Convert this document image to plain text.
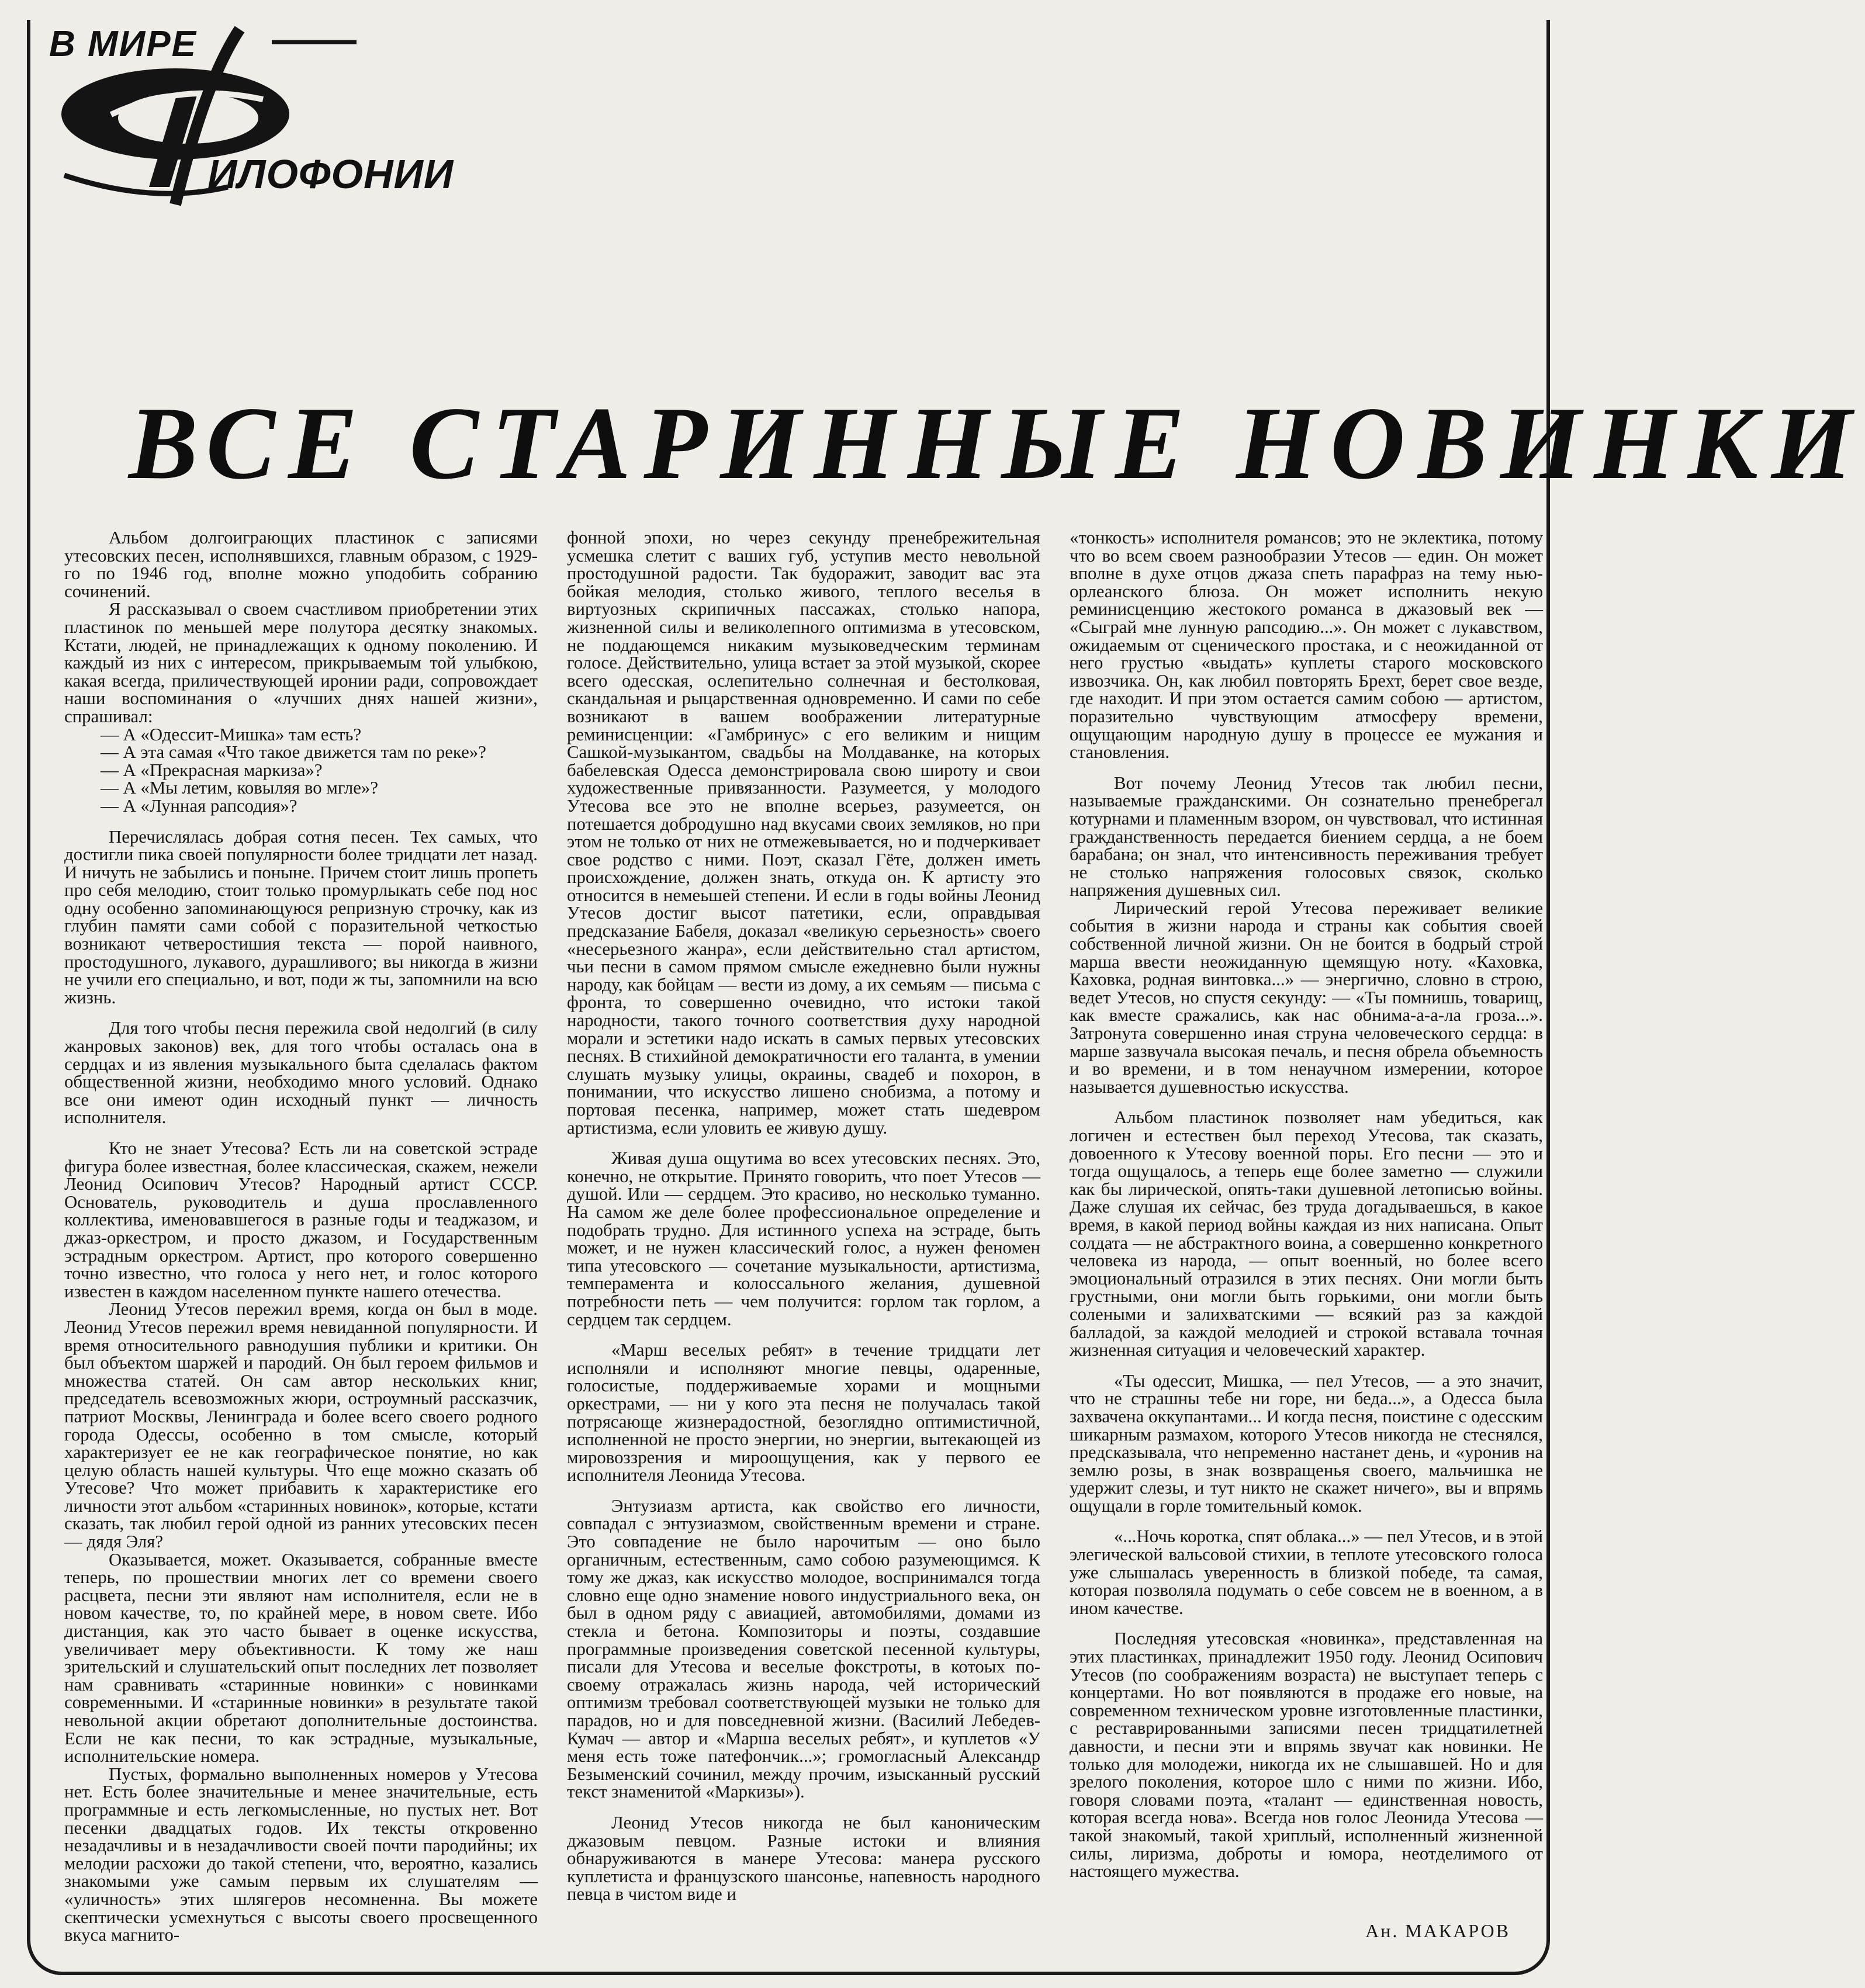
В МИРЕ
ИЛОФОНИИ
ВСЕ СТАРИННЫЕ НОВИНКИ

Альбом долгоиграющих пластинок с записями утесовских песен, исполнявшихся, главным образом, с 1929-го по 1946 год, вполне можно уподобить собранию сочинений.

Я рассказывал о своем счастливом приобретении этих пластинок по меньшей мере полутора десятку знакомых. Кстати, людей, не принадлежащих к одному поколению. И каждый из них с интересом, прикрываемым той улыбкою, какая всегда, приличествующей иронии ради, сопровождает наши воспоминания о «лучших днях нашей жизни», спрашивал:

— А «Одессит-Мишка» там есть?

— А эта самая «Что такое движется там по реке»?

— А «Прекрасная маркиза»?

— А «Мы летим, ковыляя во мгле»?

— А «Лунная рапсодия»?

Перечислялась добрая сотня песен. Тех самых, что достигли пика своей популярности более тридцати лет назад. И ничуть не забылись и поныне. Причем стоит лишь пропеть про себя мелодию, стоит только промурлыкать себе под нос одну особенно запоминающуюся репризную строчку, как из глубин памяти сами собой с поразительной четкостью возникают четверостишия текста — порой наивного, простодушного, лукавого, дурашливого; вы никогда в жизни не учили его специально, и вот, поди ж ты, запомнили на всю жизнь.

Для того чтобы песня пережила свой недолгий (в силу жанровых законов) век, для того чтобы осталась она в сердцах и из явления музыкального быта сделалась фактом общественной жизни, необходимо много условий. Однако все они имеют один исходный пункт — личность исполнителя.

Кто не знает Утесова? Есть ли на советской эстраде фигура более известная, более классическая, скажем, нежели Леонид Осипович Утесов? Народный артист СССР. Основатель, руководитель и душа прославленного коллектива, именовавшегося в разные годы и теаджазом, и джаз-оркестром, и просто джазом, и Государственным эстрадным оркестром. Артист, про которого совершенно точно известно, что голоса у него нет, и голос которого известен в каждом населенном пункте нашего отечества.

Леонид Утесов пережил время, когда он был в моде. Леонид Утесов пережил время невиданной популярности. И время относительного равнодушия публики и критики. Он был объектом шаржей и пародий. Он был героем фильмов и множества статей. Он сам автор нескольких книг, председатель всевозможных жюри, остроумный рассказчик, патриот Москвы, Ленинграда и более всего своего родного города Одессы, особенно в том смысле, который характеризует ее не как географическое понятие, но как целую область нашей культуры. Что еще можно сказать об Утесове? Что может прибавить к характеристике его личности этот альбом «старинных новинок», которые, кстати сказать, так любил герой одной из ранних утесовских песен — дядя Эля?

Оказывается, может. Оказывается, собранные вместе теперь, по прошествии многих лет со времени своего расцвета, песни эти являют нам исполнителя, если не в новом качестве, то, по крайней мере, в новом свете. Ибо дистанция, как это часто бывает в оценке искусства, увеличивает меру объективности. К тому же наш зрительский и слушательский опыт последних лет позволяет нам сравнивать «старинные новинки» с новинками современными. И «старинные новинки» в результате такой невольной акции обретают дополнительные достоинства. Если не как песни, то как эстрадные, музыкальные, исполнительские номера.

Пустых, формально выполненных номеров у Утесова нет. Есть более значительные и менее значительные, есть программные и есть легкомысленные, но пустых нет. Вот песенки двадцатых годов. Их тексты откровенно незадачливы и в незадачливости своей почти пародийны; их мелодии расхожи до такой степени, что, вероятно, казались знакомыми уже самым первым их слушателям — «уличность» этих шлягеров несомненна. Вы можете скептически усмехнуться с высоты своего просвещенного вкуса магнито-

фонной эпохи, но через секунду пренебрежительная усмешка слетит с ваших губ, уступив место невольной простодушной радости. Так будоражит, заводит вас эта бойкая мелодия, столько живого, теплого веселья в виртуозных скрипичных пассажах, столько напора, жизненной силы и великолепного оптимизма в утесовском, не поддающемся никаким музыковедческим терминам голосе. Действительно, улица встает за этой музыкой, скорее всего одесская, ослепительно солнечная и бестолковая, скандальная и рыцарственная одновременно. И сами по себе возникают в вашем воображении литературные реминисценции: «Гамбринус» с его великим и нищим Сашкой-музыкантом, свадьбы на Молдаванке, на которых бабелевская Одесса демонстрировала свою широту и свои художественные привязанности. Разумеется, у молодого Утесова все это не вполне всерьез, разумеется, он потешается добродушно над вкусами своих земляков, но при этом не только от них не отмежевывается, но и подчеркивает свое родство с ними. Поэт, сказал Гёте, должен иметь происхождение, должен знать, откуда он. К артисту это относится в немеьшей степени. И если в годы войны Леонид Утесов достиг высот патетики, если, оправдывая предсказание Бабеля, доказал «великую серьезность» своего «несерьезного жанра», если действительно стал артистом, чьи песни в самом прямом смысле ежедневно были нужны народу, как бойцам — вести из дому, а их семьям — письма с фронта, то совершенно очевидно, что истоки такой народности, такого точного соответствия духу народной морали и эстетики надо искать в самых первых утесовских песнях. В стихийной демократичности его таланта, в умении слушать музыку улицы, окраины, свадеб и похорон, в понимании, что искусство лишено снобизма, а потому и портовая песенка, например, может стать шедевром артистизма, если уловить ее живую душу.

Живая душа ощутима во всех утесовских песнях. Это, конечно, не открытие. Принято говорить, что поет Утесов — душой. Или — сердцем. Это красиво, но несколько туманно. На самом же деле более профессиональное определение и подобрать трудно. Для истинного успеха на эстраде, быть может, и не нужен классический голос, а нужен феномен типа утесовского — сочетание музыкальности, артистизма, темперамента и колоссального желания, душевной потребности петь — чем получится: горлом так горлом, а сердцем так сердцем.

«Марш веселых ребят» в течение тридцати лет исполняли и исполняют многие певцы, одаренные, голосистые, поддерживаемые хорами и мощными оркестрами, — ни у кого эта песня не получалась такой потрясающе жизнерадостной, безоглядно оптимистичной, исполненной не просто энергии, но энергии, вытекающей из мировоззрения и мироощущения, как у первого ее исполнителя Леонида Утесова.

Энтузиазм артиста, как свойство его личности, совпадал с энтузиазмом, свойственным времени и стране. Это совпадение не было нарочитым — оно было органичным, естественным, само собою разумеющимся. К тому же джаз, как искусство молодое, воспринимался тогда словно еще одно знамение нового индустриального века, он был в одном ряду с авиацией, автомобилями, домами из стекла и бетона. Композиторы и поэты, создавшие программные произведения советской песенной культуры, писали для Утесова и веселые фокстроты, в котоых по-своему отражалась жизнь народа, чей исторический оптимизм требовал соответствующей музыки не только для парадов, но и для повседневной жизни. (Василий Лебедев-Кумач — автор и «Марша веселых ребят», и куплетов «У меня есть тоже патефончик...»; громогласный Александр Безыменский сочинил, между прочим, изысканный русский текст знаменитой «Маркизы»).

Леонид Утесов никогда не был каноническим джазовым певцом. Разные истоки и влияния обнаруживаются в манере Утесова: манера русского куплетиста и французского шансонье, напевность народного певца в чистом виде и

«тонкость» исполнителя романсов; это не эклектика, потому что во всем своем разнообразии Утесов — един. Он может вполне в духе отцов джаза спеть парафраз на тему нью-орлеанского блюза. Он может исполнить некую реминисценцию жестокого романса в джазовый век — «Сыграй мне лунную рапсодию...». Он может с лукавством, ожидаемым от сценического простака, и с неожиданной от него грустью «выдать» куплеты старого московского извозчика. Он, как любил повторять Брехт, берет свое везде, где находит. И при этом остается самим собою — артистом, поразительно чувствующим атмосферу времени, ощущающим народную душу в процессе ее мужания и становления.

Вот почему Леонид Утесов так любил песни, называемые гражданскими. Он сознательно пренебрегал котурнами и пламенным взором, он чувствовал, что истинная гражданственность передается биением сердца, а не боем барабана; он знал, что интенсивность переживания требует не столько напряжения голосовых связок, сколько напряжения душевных сил.

Лирический герой Утесова переживает великие события в жизни народа и страны как события своей собственной личной жизни. Он не боится в бодрый строй марша ввести неожиданную щемящую ноту. «Каховка, Каховка, родная винтовка...» — энергично, словно в строю, ведет Утесов, но спустя секунду: — «Ты помнишь, товарищ, как вместе сражались, как нас обнима-а-а-ла гроза...». Затронута совершенно иная струна человеческого сердца: в марше зазвучала высокая печаль, и песня обрела объемность и во времени, и в том ненаучном измерении, которое называется душевностью искусства.

Альбом пластинок позволяет нам убедиться, как логичен и естествен был переход Утесова, так сказать, довоенного к Утесову военной поры. Его песни — это и тогда ощущалось, а теперь еще более заметно — служили как бы лирической, опять-таки душевной летописью войны. Даже слушая их сейчас, без труда догадываешься, в какое время, в какой период войны каждая из них написана. Опыт солдата — не абстрактного воина, а совершенно конкретного человека из народа, — опыт военный, но более всего эмоциональный отразился в этих песнях. Они могли быть грустными, они могли быть горькими, они могли быть солеными и залихватскими — всякий раз за каждой балладой, за каждой мелодией и строкой вставала точная жизненная ситуация и человеческий характер.

«Ты одессит, Мишка, — пел Утесов, — а это значит, что не страшны тебе ни горе, ни беда...», а Одесса была захвачена оккупантами... И когда песня, поистине с одесским шикарным размахом, которого Утесов никогда не стеснялся, предсказывала, что непременно настанет день, и «уронив на землю розы, в знак возвращенья своего, мальчишка не удержит слезы, и тут никто не скажет ничего», вы и впрямь ощущали в горле томительный комок.

«...Ночь коротка, спят облака...» — пел Утесов, и в этой элегической вальсовой стихии, в теплоте утесовского голоса уже слышалась уверенность в близкой победе, та самая, которая позволяла подумать о себе совсем не в военном, а в ином качестве.

Последняя утесовская «новинка», представленная на этих пластинках, принадлежит 1950 году. Леонид Осипович Утесов (по соображениям возраста) не выступает теперь с концертами. Но вот появляются в продаже его новые, на современном техническом уровне изготовленные пластинки, с реставрированными записями песен тридцатилетней давности, и песни эти и впрямь звучат как новинки. Не только для молодежи, никогда их не слышавшей. Но и для зрелого поколения, которое шло с ними по жизни. Ибо, говоря словами поэта, «талант — единственная новость, которая всегда нова». Всегда нов голос Леонида Утесова — такой знакомый, такой хриплый, исполненный жизненной силы, лиризма, доброты и юмора, неотделимого от настоящего мужества.

Ан. МАКАРОВ
